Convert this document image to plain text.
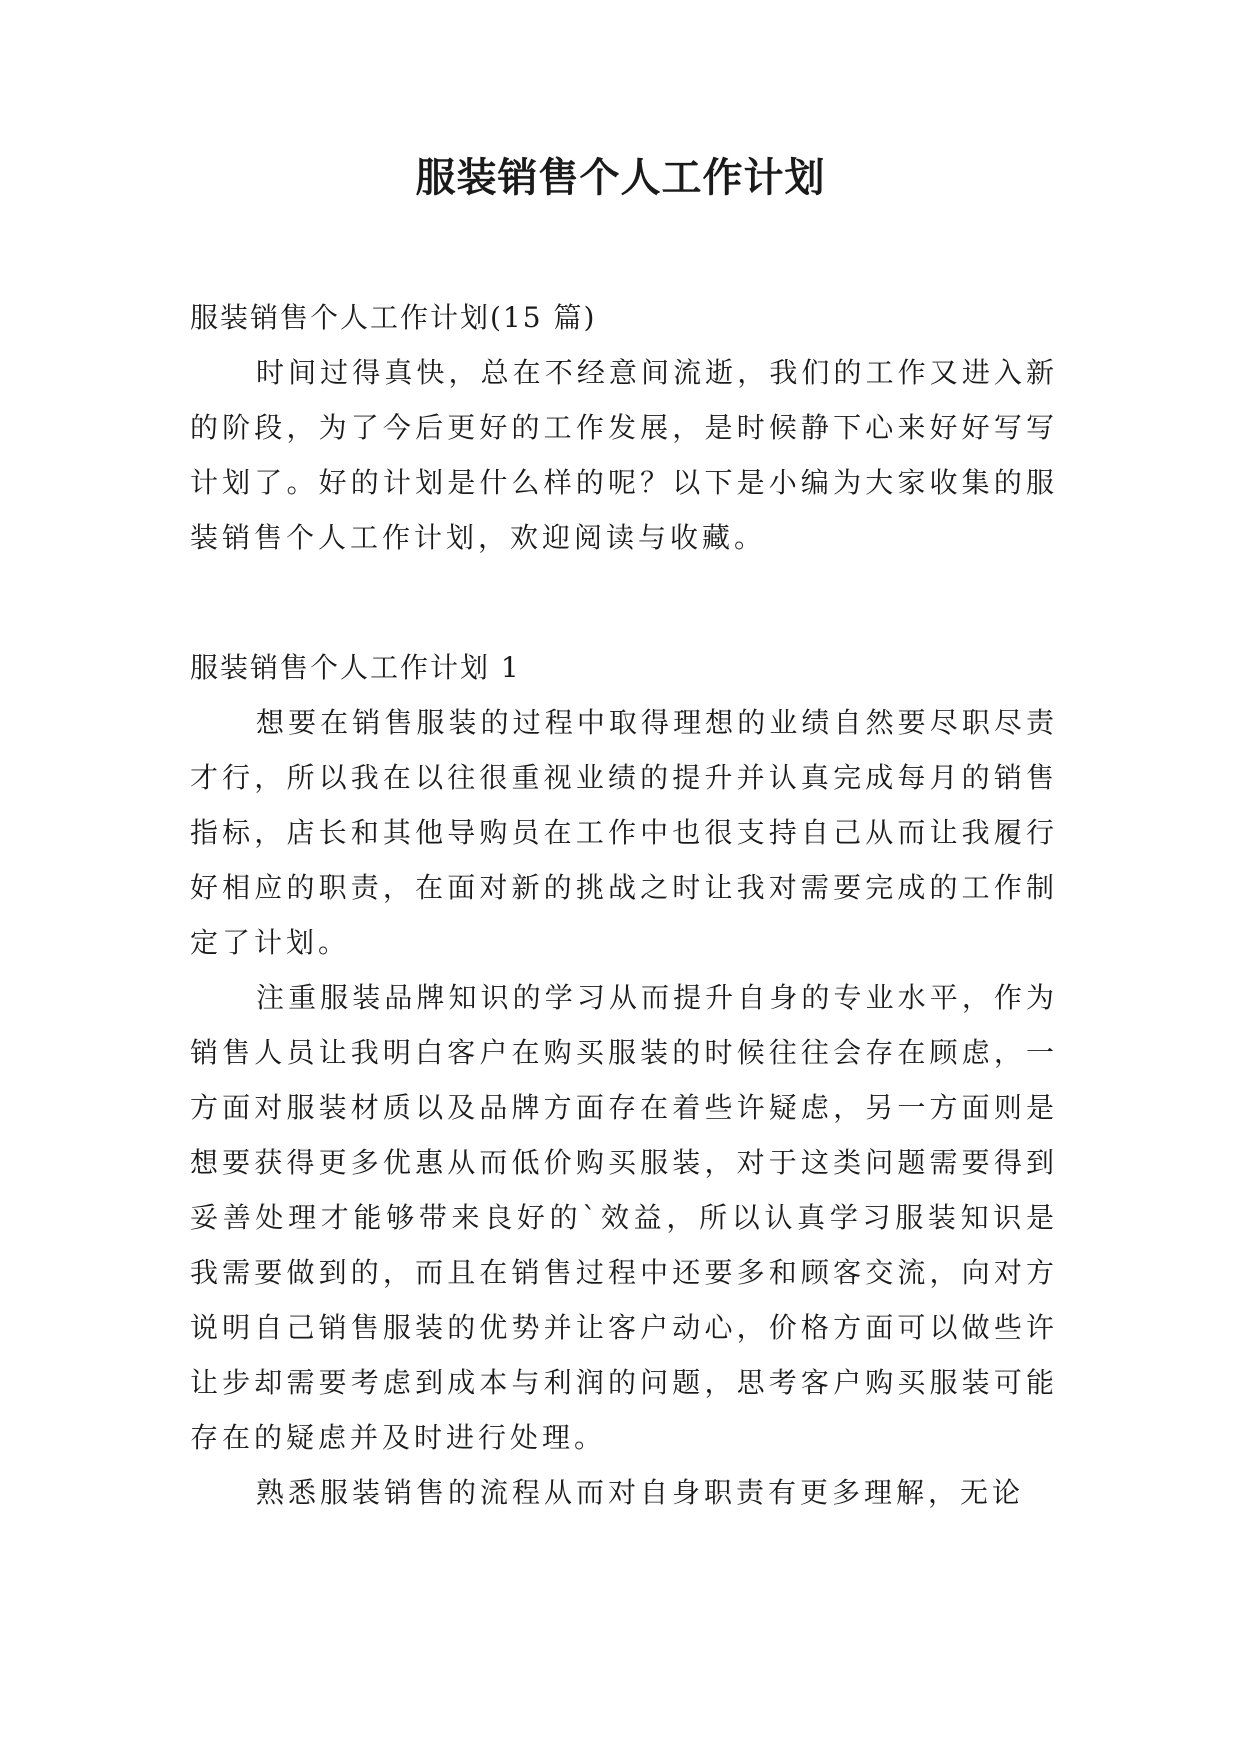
服装销售个人工作计划

服装销售个人工作计划(15 篇)

时间过得真快，总在不经意间流逝，我们的工作又进入新的阶段，为了今后更好的工作发展，是时候静下心来好好写写计划了。好的计划是什么样的呢？以下是小编为大家收集的服装销售个人工作计划，欢迎阅读与收藏。

服装销售个人工作计划 1

想要在销售服装的过程中取得理想的业绩自然要尽职尽责才行，所以我在以往很重视业绩的提升并认真完成每月的销售指标，店长和其他导购员在工作中也很支持自己从而让我履行好相应的职责，在面对新的挑战之时让我对需要完成的工作制定了计划。

注重服装品牌知识的学习从而提升自身的专业水平，作为销售人员让我明白客户在购买服装的时候往往会存在顾虑，一方面对服装材质以及品牌方面存在着些许疑虑，另一方面则是想要获得更多优惠从而低价购买服装，对于这类问题需要得到妥善处理才能够带来良好的`效益，所以认真学习服装知识是我需要做到的，而且在销售过程中还要多和顾客交流，向对方说明自己销售服装的优势并让客户动心，价格方面可以做些许让步却需要考虑到成本与利润的问题，思考客户购买服装可能存在的疑虑并及时进行处理。

熟悉服装销售的流程从而对自身职责有更多理解，无论
